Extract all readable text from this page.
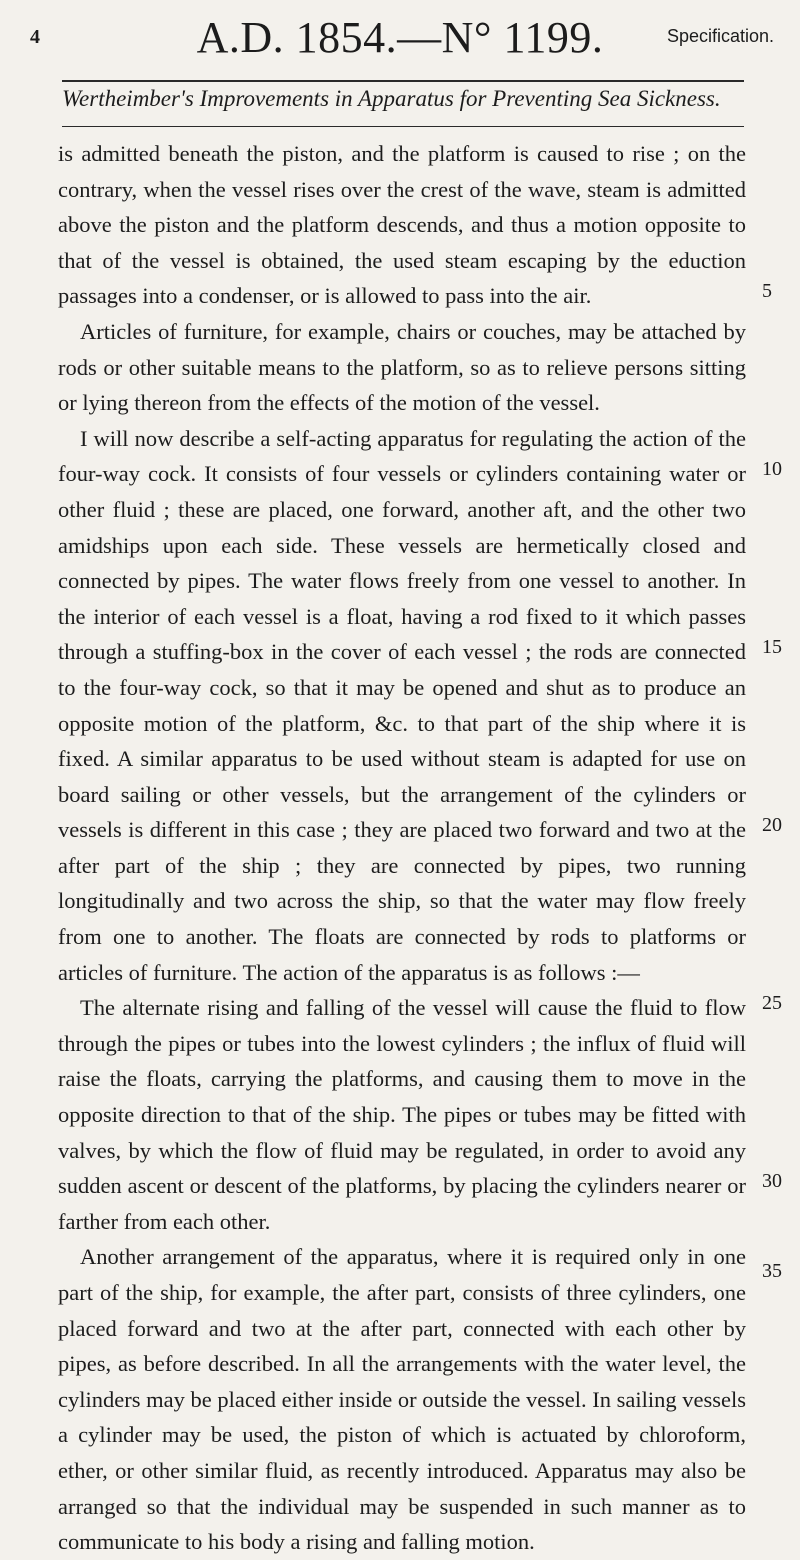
4	A.D. 1854.—N° 1199.	Specification.
Wertheimber's Improvements in Apparatus for Preventing Sea Sickness.

is admitted beneath the piston, and the platform is caused to rise ; on the contrary, when the vessel rises over the crest of the wave, steam is admitted above the piston and the platform descends, and thus a motion opposite to that of the vessel is obtained, the used steam escaping by the eduction passages into a condenser, or is allowed to pass into the air.

Articles of furniture, for example, chairs or couches, may be attached by rods or other suitable means to the platform, so as to relieve persons sitting or lying thereon from the effects of the motion of the vessel.

I will now describe a self-acting apparatus for regulating the action of the four-way cock. It consists of four vessels or cylinders containing water or other fluid ; these are placed, one forward, another aft, and the other two amidships upon each side. These vessels are hermetically closed and connected by pipes. The water flows freely from one vessel to another. In the interior of each vessel is a float, having a rod fixed to it which passes through a stuffing-box in the cover of each vessel ; the rods are connected to the four-way cock, so that it may be opened and shut as to produce an opposite motion of the platform, &c. to that part of the ship where it is fixed. A similar apparatus to be used without steam is adapted for use on board sailing or other vessels, but the arrangement of the cylinders or vessels is different in this case ; they are placed two forward and two at the after part of the ship ; they are connected by pipes, two running longitudinally and two across the ship, so that the water may flow freely from one to another. The floats are connected by rods to platforms or articles of furniture. The action of the apparatus is as follows :—

The alternate rising and falling of the vessel will cause the fluid to flow through the pipes or tubes into the lowest cylinders ; the influx of fluid will raise the floats, carrying the platforms, and causing them to move in the opposite direction to that of the ship. The pipes or tubes may be fitted with valves, by which the flow of fluid may be regulated, in order to avoid any sudden ascent or descent of the platforms, by placing the cylinders nearer or farther from each other.

Another arrangement of the apparatus, where it is required only in one part of the ship, for example, the after part, consists of three cylinders, one placed forward and two at the after part, connected with each other by pipes, as before described. In all the arrangements with the water level, the cylinders may be placed either inside or outside the vessel. In sailing vessels a cylinder may be used, the piston of which is actuated by chloroform, ether, or other similar fluid, as recently introduced. Apparatus may also be arranged so that the individual may be suspended in such manner as to communicate to his body a rising and falling motion.

5
10
15
20
25
30
35
